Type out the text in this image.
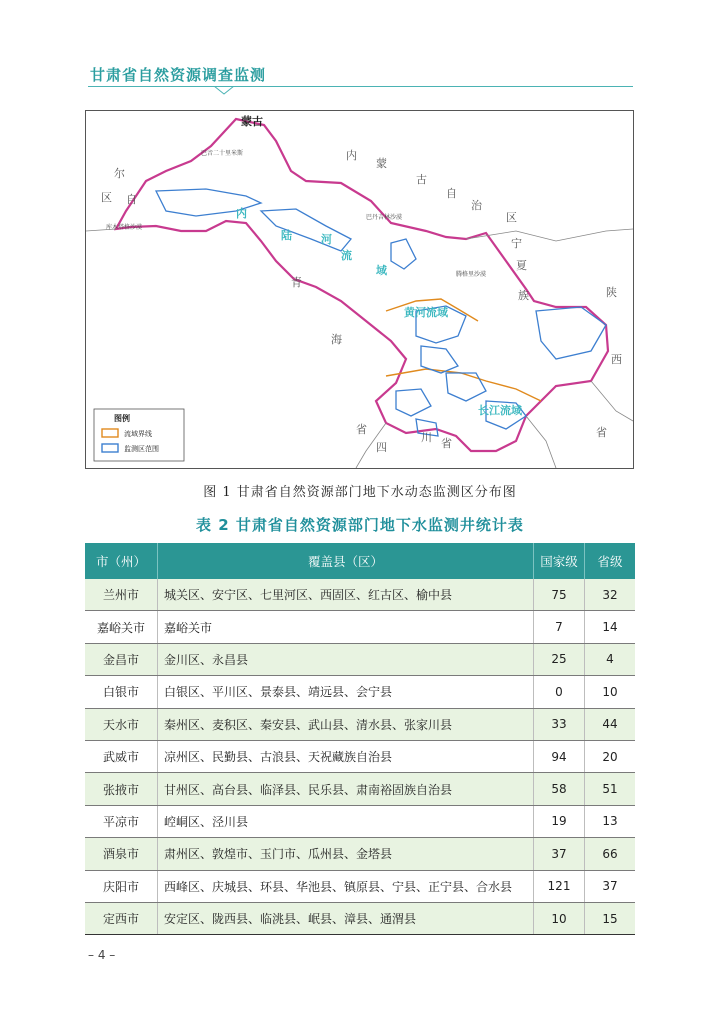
甘肃省自然资源调查监测
内
陆	河
流
域
黄河流域
长江流域
蒙古
自
尔
区
内
蒙
古
自
治
区
宁
夏
族	陕
西
省
青
海
省
四
川 省
巴音二十里米斯
库木塔格沙漠
巴丹吉林沙漠
腾格里沙漠
图例
流域界线
监测区范围
图 1 甘肃省自然资源部门地下水动态监测区分布图
表 2 甘肃省自然资源部门地下水监测井统计表
市（州）	覆盖县（区）	国家级	省级
兰州市	城关区、安宁区、七里河区、西固区、红古区、榆中县	75	32
嘉峪关市	嘉峪关市	7	14
金昌市	金川区、永昌县	25	4
白银市	白银区、平川区、景泰县、靖远县、会宁县	0	10
天水市	秦州区、麦积区、秦安县、武山县、清水县、张家川县	33	44
武威市	凉州区、民勤县、古浪县、天祝藏族自治县	94	20
张掖市	甘州区、高台县、临泽县、民乐县、肃南裕固族自治县	58	51
平凉市	崆峒区、泾川县	19	13
酒泉市	肃州区、敦煌市、玉门市、瓜州县、金塔县	37	66
庆阳市	西峰区、庆城县、环县、华池县、镇原县、宁县、正宁县、合水县	121	37
定西市	安定区、陇西县、临洮县、岷县、漳县、通渭县	10	15
– 4 –
